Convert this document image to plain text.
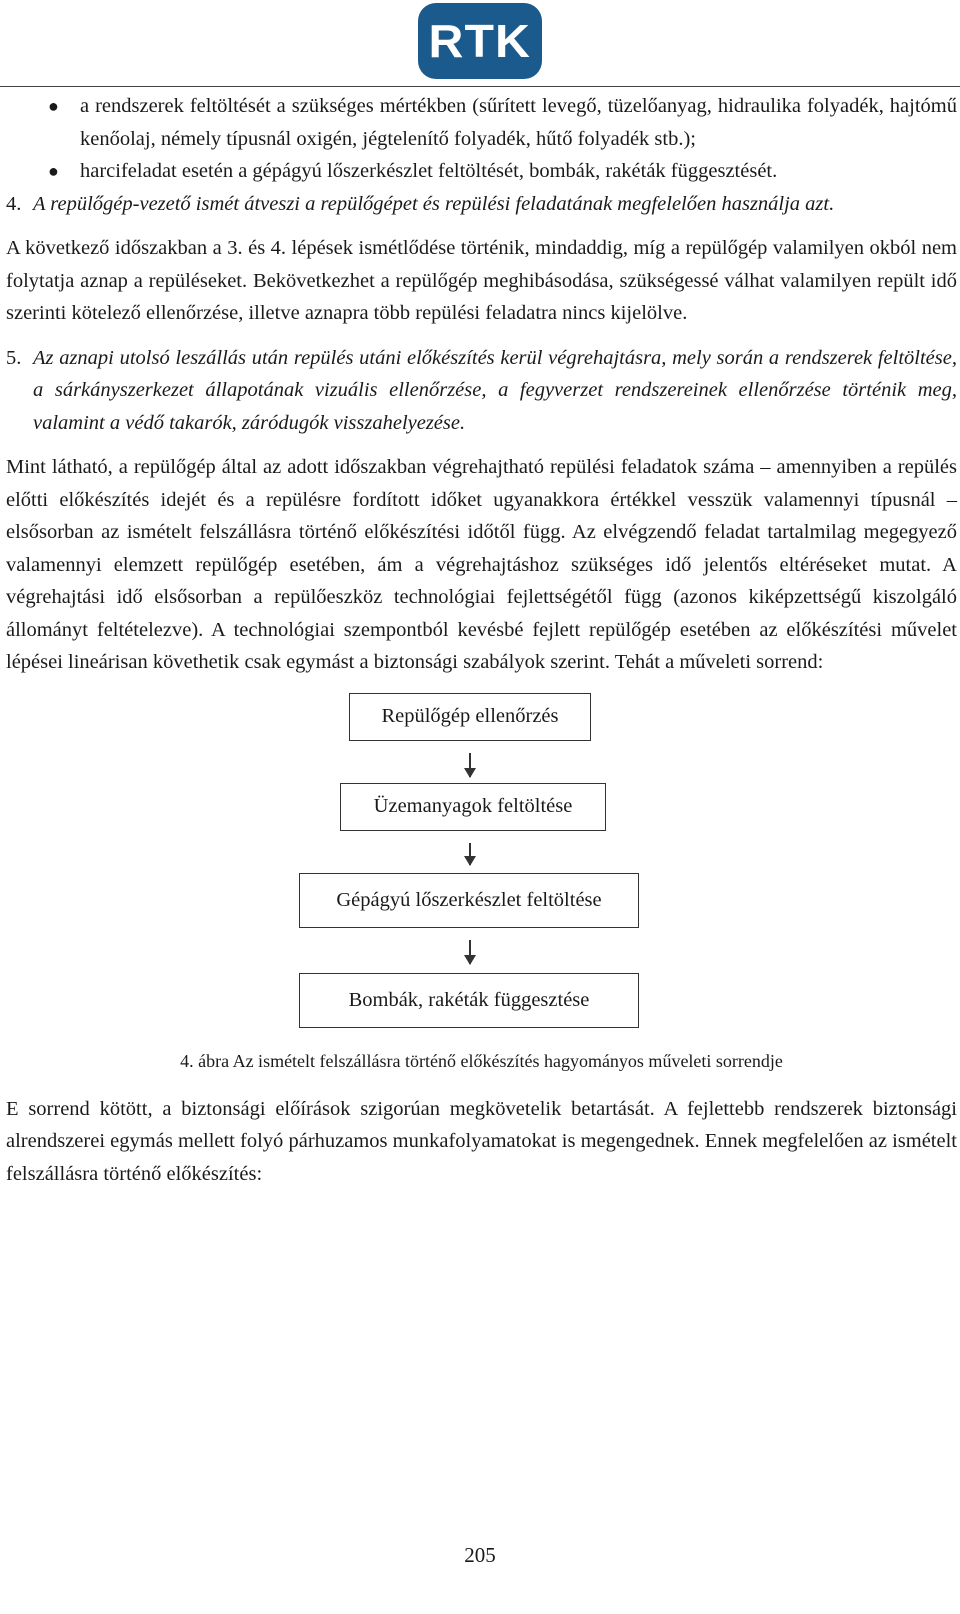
RTK
● a rendszerek feltöltését a szükséges mértékben (sűrített levegő, tüzelőanyag, hidraulika folyadék, hajtómű kenőolaj, némely típusnál oxigén, jégtelenítő folyadék, hűtő folyadék stb.);
● harcifeladat esetén a gépágyú lőszerkészlet feltöltését, bombák, rakéták függesztését.

4. A repülőgép-vezető ismét átveszi a repülőgépet és repülési feladatának megfelelően használja azt.

A következő időszakban a 3. és 4. lépések ismétlődése történik, mindaddig, míg a repülőgép valamilyen okból nem folytatja aznap a repüléseket. Bekövetkezhet a repülőgép meghibásodása, szükségessé válhat valamilyen repült idő szerinti kötelező ellenőrzése, illetve aznapra több repülési feladatra nincs kijelölve.

5. Az aznapi utolsó leszállás után repülés utáni előkészítés kerül végrehajtásra, mely során a rendszerek feltöltése, a sárkányszerkezet állapotának vizuális ellenőrzése, a fegyverzet rendszereinek ellenőrzése történik meg, valamint a védő takarók, záródugók visszahelyezése.

Mint látható, a repülőgép által az adott időszakban végrehajtható repülési feladatok száma – amennyiben a repülés előtti előkészítés idejét és a repülésre fordított időket ugyanakkora értékkel vesszük valamennyi típusnál – elsősorban az ismételt felszállásra történő előkészítési időtől függ. Az elvégzendő feladat tartalmilag megegyező valamennyi elemzett repülőgép esetében, ám a végrehajtáshoz szükséges idő jelentős eltéréseket mutat. A végrehajtási idő elsősorban a repülőeszköz technológiai fejlettségétől függ (azonos kiképzettségű kiszolgáló állományt feltételezve). A technológiai szempontból kevésbé fejlett repülőgép esetében az előkészítési művelet lépései lineárisan követhetik csak egymást a biztonsági szabályok szerint. Tehát a műveleti sorrend:

Repülőgép ellenőrzés
Üzemanyagok feltöltése
Gépágyú lőszerkészlet feltöltése
Bombák, rakéták függesztése
4. ábra Az ismételt felszállásra történő előkészítés hagyományos műveleti sorrendje

E sorrend kötött, a biztonsági előírások szigorúan megkövetelik betartását. A fejlettebb rendszerek biztonsági alrendszerei egymás mellett folyó párhuzamos munkafolyamatokat is megengednek. Ennek megfelelően az ismételt felszállásra történő előkészítés:

205
